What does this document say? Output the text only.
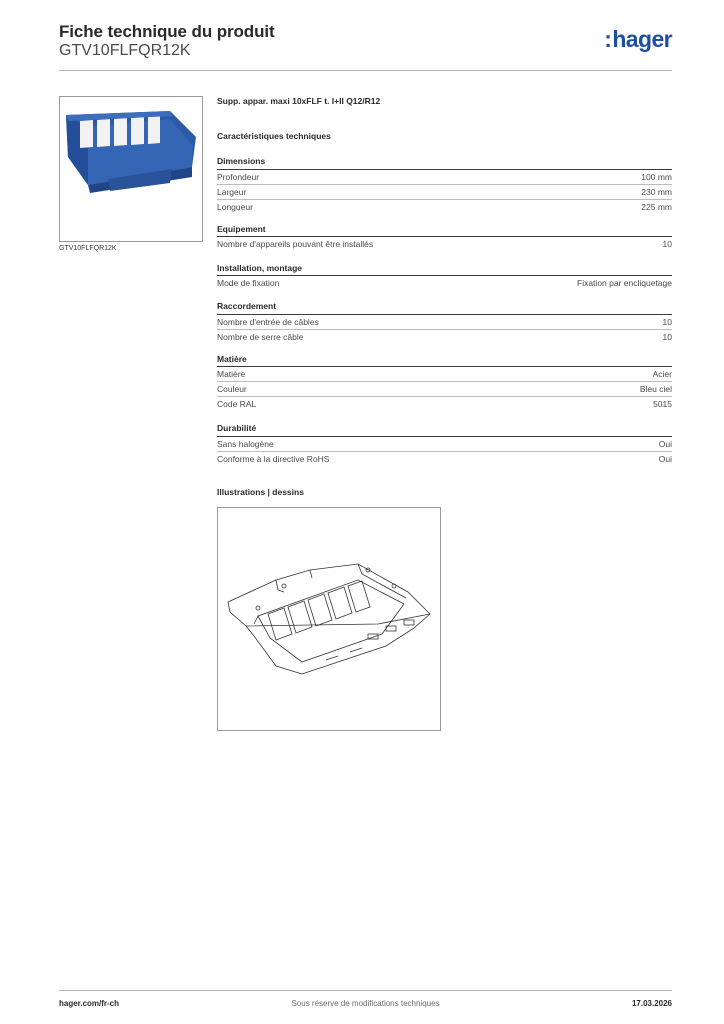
Fiche technique du produit
GTV10FLFQR12K	:hager
GTV10FLFQR12K
Supp. appar. maxi 10xFLF t. I+II Q12/R12
Caractéristiques techniques
Dimensions
Profondeur	100 mm
Largeur	230 mm
Longueur	225 mm
Equipement
Nombre d'appareils pouvant être installés	10
Installation, montage
Mode de fixation	Fixation par encliquetage
Raccordement
Nombre d'entrée de câbles	10
Nombre de serre câble	10
Matière
Matière	Acier
Couleur	Bleu ciel
Code RAL	5015
Durabilité
Sans halogène	Oui
Conforme à la directive RoHS	Oui
Illustrations | dessins
hager.com/fr-ch	Sous réserve de modifications techniques	17.03.2026
